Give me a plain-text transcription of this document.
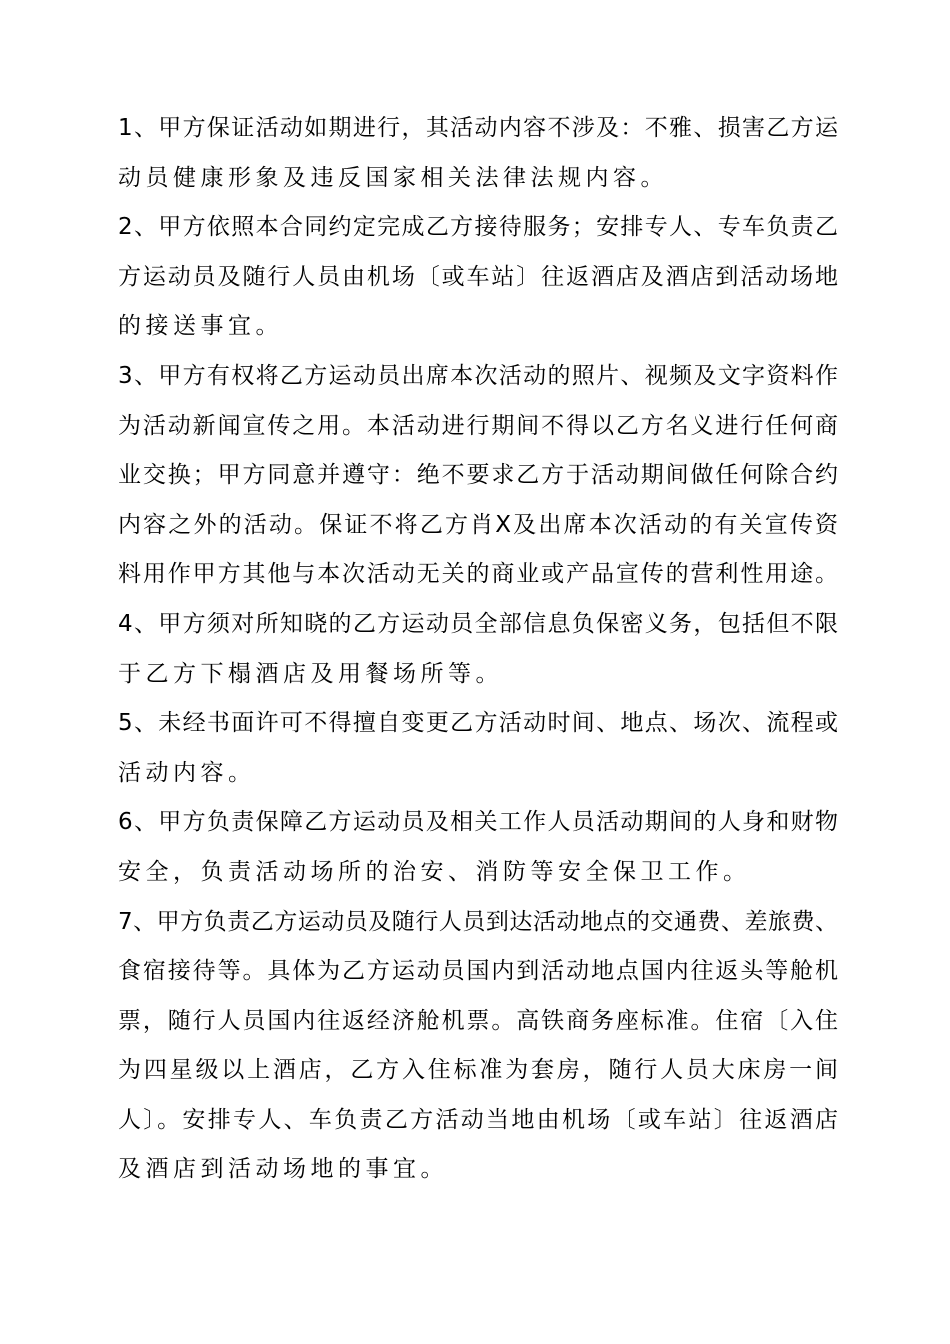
1、甲方保证活动如期进行，其活动内容不涉及：不雅、损害乙方运
动员健康形象及违反国家相关法律法规内容。
2、甲方依照本合同约定完成乙方接待服务；安排专人、专车负责乙
方运动员及随行人员由机场〔或车站〕往返酒店及酒店到活动场地
的接送事宜。
3、甲方有权将乙方运动员出席本次活动的照片、视频及文字资料作
为活动新闻宣传之用。本活动进行期间不得以乙方名义进行任何商
业交换；甲方同意并遵守：绝不要求乙方于活动期间做任何除合约
内容之外的活动。保证不将乙方肖X及出席本次活动的有关宣传资
料用作甲方其他与本次活动无关的商业或产品宣传的营利性用途。
4、甲方须对所知晓的乙方运动员全部信息负保密义务，包括但不限
于乙方下榻酒店及用餐场所等。
5、未经书面许可不得擅自变更乙方活动时间、地点、场次、流程或
活动内容。
6、甲方负责保障乙方运动员及相关工作人员活动期间的人身和财物
安全，负责活动场所的治安、消防等安全保卫工作。
7、甲方负责乙方运动员及随行人员到达活动地点的交通费、差旅费、
食宿接待等。具体为乙方运动员国内到活动地点国内往返头等舱机
票，随行人员国内往返经济舱机票。高铁商务座标准。住宿〔入住
为四星级以上酒店，乙方入住标准为套房，随行人员大床房一间
人〕。安排专人、车负责乙方活动当地由机场〔或车站〕往返酒店
及酒店到活动场地的事宜。
